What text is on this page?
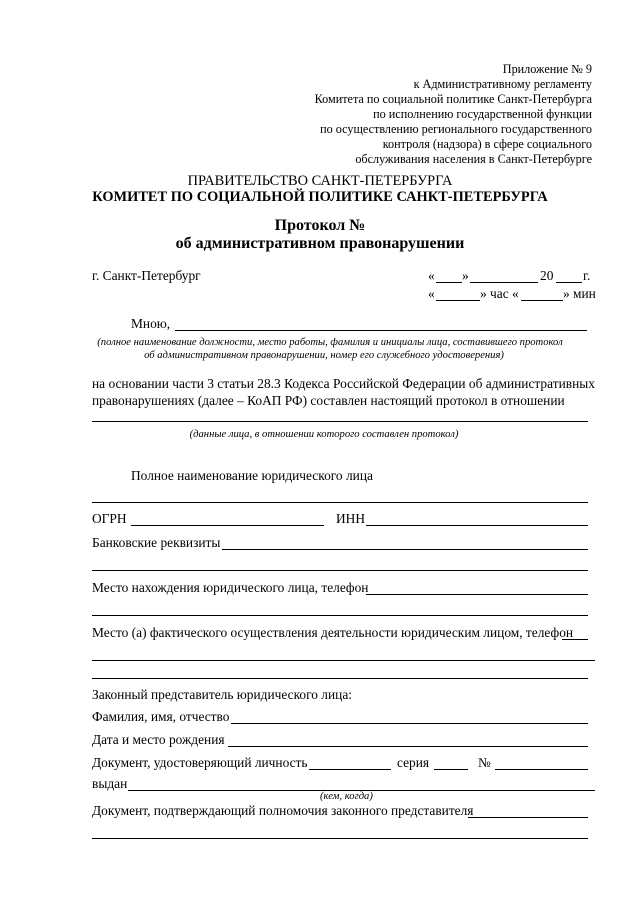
Приложение № 9
к Административному регламенту
Комитета по социальной политике Санкт-Петербурга
по исполнению государственной функции
по осуществлению регионального государственного
контроля (надзора) в сфере социального
обслуживания населения в Санкт-Петербурге
ПРАВИТЕЛЬСТВО САНКТ-ПЕТЕРБУРГА
КОМИТЕТ ПО СОЦИАЛЬНОЙ ПОЛИТИКЕ САНКТ-ПЕТЕРБУРГА
Протокол №
об административном правонарушении
г. Санкт-Петербург	« »	20 г.
«	» час «	» мин
Мною,
(полное наименование должности, место работы, фамилия и инициалы лица, составившего протокол
об административном правонарушении, номер его служебного удостоверения)
на основании части 3 статьи 28.3 Кодекса Российской Федерации об административных
правонарушениях (далее – КоАП РФ) составлен настоящий протокол в отношении
(данные лица, в отношении которого составлен протокол)
Полное наименование юридического лица
ОГРН	ИНН
Банковские реквизиты
Место нахождения юридического лица, телефон
Место (а) фактического осуществления деятельности юридическим лицом, телефон
Законный представитель юридического лица:
Фамилия, имя, отчество
Дата и место рождения
Документ, удостоверяющий личность	серия	№
выдан
(кем, когда)
Документ, подтверждающий полномочия законного представителя
